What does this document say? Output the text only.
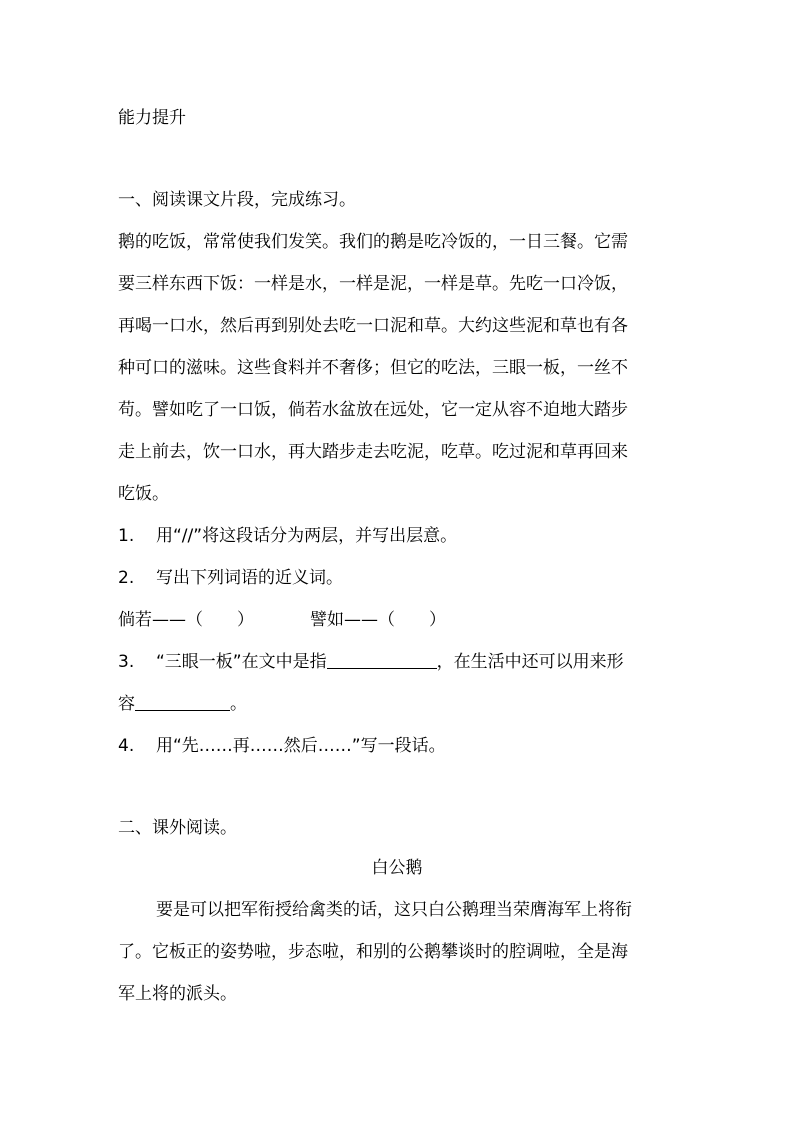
能力提升
一、阅读课文片段，完成练习。
鹅的吃饭，常常使我们发笑。我们的鹅是吃冷饭的，一日三餐。它需
要三样东西下饭：一样是水，一样是泥，一样是草。先吃一口冷饭，
再喝一口水，然后再到别处去吃一口泥和草。大约这些泥和草也有各
种可口的滋味。这些食料并不奢侈；但它的吃法，三眼一板，一丝不
苟。譬如吃了一口饭，倘若水盆放在远处，它一定从容不迫地大踏步
走上前去，饮一口水，再大踏步走去吃泥，吃草。吃过泥和草再回来
吃饭。
1. 用“//”将这段话分为两层，并写出层意。
2. 写出下列词语的近义词。
倘若——（　　）	譬如——（　　）
3. “三眼一板”在文中是指	，在生活中还可以用来形
容	。
4. 用“先……再……然后……”写一段话。
二、课外阅读。
白公鹅
要是可以把军衔授给禽类的话，这只白公鹅理当荣膺海军上将衔
了。它板正的姿势啦，步态啦，和别的公鹅攀谈时的腔调啦，全是海
军上将的派头。
